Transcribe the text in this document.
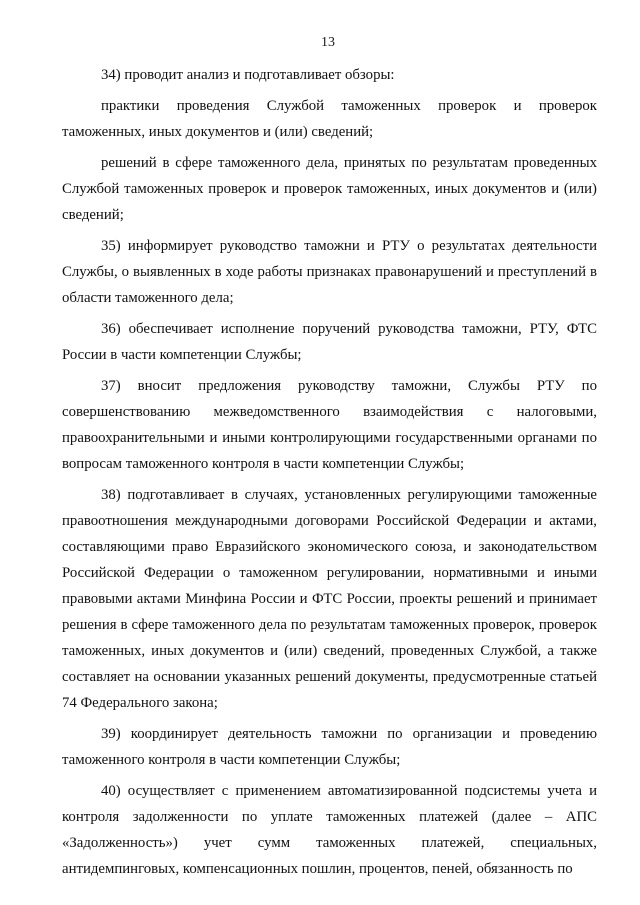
13

34) проводит анализ и подготавливает обзоры:

практики проведения Службой таможенных проверок и проверок таможенных, иных документов и (или) сведений;

решений в сфере таможенного дела, принятых по результатам проведенных Службой таможенных проверок и проверок таможенных, иных документов и (или) сведений;

35) информирует руководство таможни и РТУ о результатах деятельности Службы, о выявленных в ходе работы признаках правонарушений и преступлений в области таможенного дела;

36) обеспечивает исполнение поручений руководства таможни, РТУ, ФТС России в части компетенции Службы;

37) вносит предложения руководству таможни, Службы РТУ по совершенствованию межведомственного взаимодействия с налоговыми, правоохранительными и иными контролирующими государственными органами по вопросам таможенного контроля в части компетенции Службы;

38) подготавливает в случаях, установленных регулирующими таможенные правоотношения международными договорами Российской Федерации и актами, составляющими право Евразийского экономического союза, и законодательством Российской Федерации о таможенном регулировании, нормативными и иными правовыми актами Минфина России и ФТС России, проекты решений и принимает решения в сфере таможенного дела по результатам таможенных проверок, проверок таможенных, иных документов и (или) сведений, проведенных Службой, а также составляет на основании указанных решений документы, предусмотренные статьей 74 Федерального закона;

39) координирует деятельность таможни по организации и проведению таможенного контроля в части компетенции Службы;

40) осуществляет с применением автоматизированной подсистемы учета и контроля задолженности по уплате таможенных платежей (далее – АПС «Задолженность») учет сумм таможенных платежей, специальных, антидемпинговых, компенсационных пошлин, процентов, пеней, обязанность по
